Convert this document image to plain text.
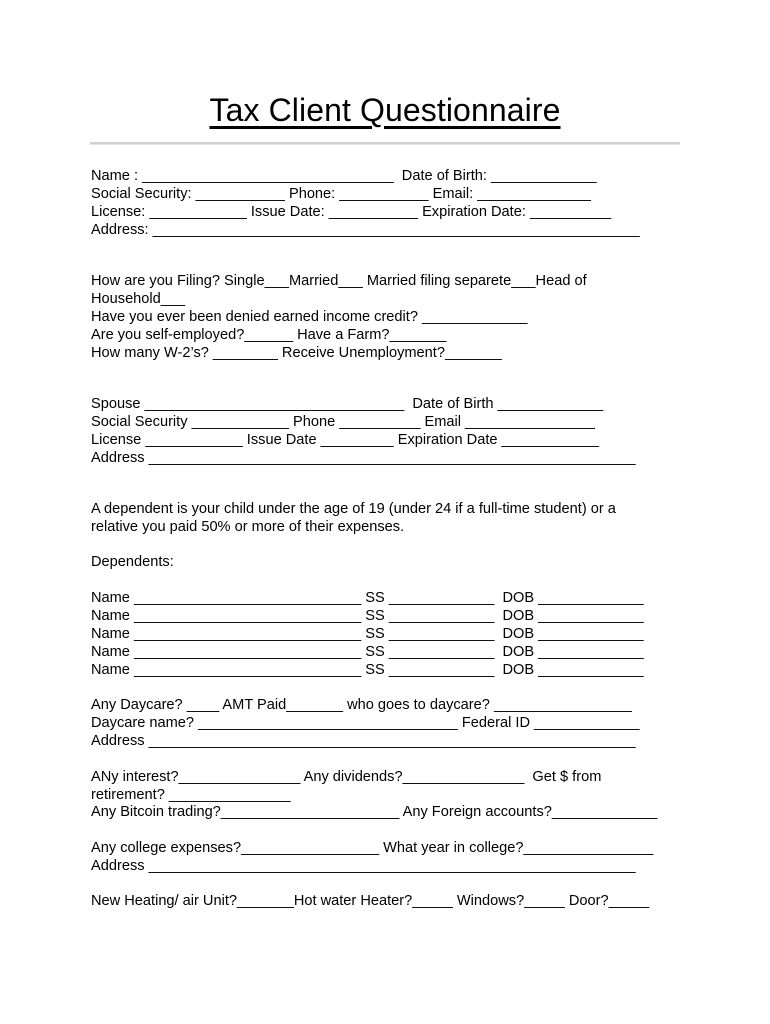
Tax Client Questionnaire
Name : _______________________________  Date of Birth: _____________
Social Security: ___________ Phone: ___________ Email: ______________
License: ____________ Issue Date: ___________ Expiration Date: __________
Address: ____________________________________________________________
How are you Filing? Single___Married___ Married filing separete___Head of
Household___
Have you ever been denied earned income credit? _____________
Are you self-employed?______ Have a Farm?_______
How many W-2’s? ________ Receive Unemployment?_______
Spouse ________________________________  Date of Birth _____________
Social Security ____________ Phone __________ Email ________________
License ____________ Issue Date _________ Expiration Date ____________
Address ____________________________________________________________
A dependent is your child under the age of 19 (under 24 if a full-time student) or a
relative you paid 50% or more of their expenses.
Dependents:
Name ____________________________ SS _____________  DOB _____________
Name ____________________________ SS _____________  DOB _____________
Name ____________________________ SS _____________  DOB _____________
Name ____________________________ SS _____________  DOB _____________
Name ____________________________ SS _____________  DOB _____________
Any Daycare? ____ AMT Paid_______ who goes to daycare? _________________
Daycare name? ________________________________ Federal ID _____________
Address ____________________________________________________________
ANy interest?_______________ Any dividends?_______________  Get $ from
retirement? _______________
Any Bitcoin trading?______________________ Any Foreign accounts?_____________
Any college expenses?_________________ What year in college?________________
Address ____________________________________________________________
New Heating/ air Unit?_______Hot water Heater?_____ Windows?_____ Door?_____
